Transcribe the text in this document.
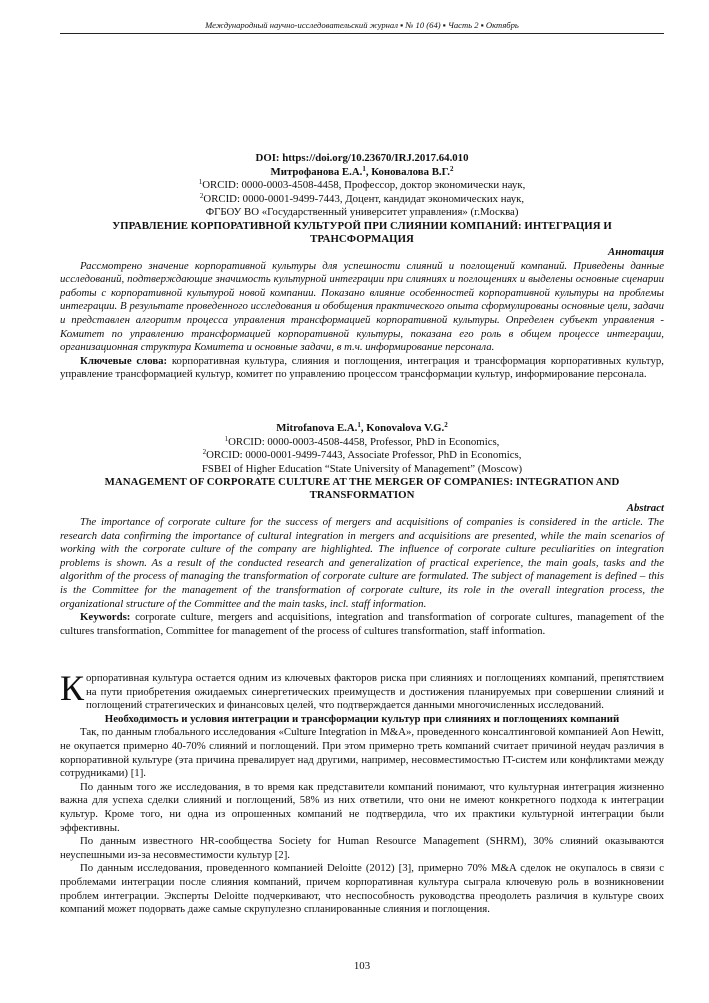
Международный научно-исследовательский журнал ▪ № 10 (64) ▪ Часть 2 ▪ Октябрь
DOI: https://doi.org/10.23670/IRJ.2017.64.010
Митрофанова Е.А.$^1$, Коновалова В.Г.$^2$
$^1$ORCID: 0000-0003-4508-4458, Профессор, доктор экономически наук,
$^2$ORCID: 0000-0001-9499-7443, Доцент, кандидат экономических наук,
ФГБОУ ВО «Государственный университет управления» (г.Москва)
УПРАВЛЕНИЕ КОРПОРАТИВНОЙ КУЛЬТУРОЙ ПРИ СЛИЯНИИ КОМПАНИЙ: ИНТЕГРАЦИЯ И ТРАНСФОРМАЦИЯ
Аннотация

Рассмотрено значение корпоративной культуры для успешности слияний и поглощений компаний. Приведены данные исследований, подтверждающие значимость культурной интеграции при слияниях и поглощениях и выделены основные сценарии работы с корпоративной культурой новой компании. Показано влияние особенностей корпоративной культуры на проблемы интеграции. В результате проведенного исследования и обобщения практического опыта сформулированы основные цели, задачи и представлен алгоритм процесса управления трансформацией корпоративной культуры. Определен субъект управления - Комитет по управлению трансформацией корпоративной культуры, показана его роль в общем процессе интеграции, организационная структура Комитета и основные задачи, в т.ч. информирование персонала.

Ключевые слова: корпоративная культура, слияния и поглощения, интеграция и трансформация корпоративных культур, управление трансформацией культур, комитет по управлению процессом трансформации культур, информирование персонала.

Mitrofanova E.A.$^1$, Konovalova V.G.$^2$
$^1$ORCID: 0000-0003-4508-4458, Professor, PhD in Economics,
$^2$ORCID: 0000-0001-9499-7443, Associate Professor, PhD in Economics,
FSBEI of Higher Education “State University of Management” (Moscow)
MANAGEMENT OF CORPORATE CULTURE AT THE MERGER OF COMPANIES: INTEGRATION AND TRANSFORMATION
Abstract

The importance of corporate culture for the success of mergers and acquisitions of companies is considered in the article. The research data confirming the importance of cultural integration in mergers and acquisitions are presented, while the main scenarios of working with the corporate culture of the company are highlighted. The influence of corporate culture peculiarities on integration problems is shown. As a result of the conducted research and generalization of practical experience, the main goals, tasks and the algorithm of the process of managing the transformation of corporate culture are formulated. The subject of management is defined – this is the Committee for the management of the transformation of corporate culture, its role in the overall integration process, the organizational structure of the Committee and the main tasks, incl. staff information.

Keywords: corporate culture, mergers and acquisitions, integration and transformation of corporate cultures, management of the cultures transformation, Committee for management of the process of cultures transformation, staff information.

Корпоративная культура остается одним из ключевых факторов риска при слияниях и поглощениях компаний, препятствием на пути приобретения ожидаемых синергетических преимуществ и достижения планируемых при совершении слияний и поглощений стратегических и финансовых целей, что подтверждается данными многочисленных исследований.

Необходимость и условия интеграции и трансформации культур при слияниях и поглощениях компаний

Так, по данным глобального исследования «Culture Integration in M&A», проведенного консалтинговой компанией Aon Hewitt, не окупается примерно 40-70% слияний и поглощений. При этом примерно треть компаний считает причиной неудач различия в корпоративной культуре (эта причина превалирует над другими, например, несовместимостью IT-систем или конфликтами между сотрудниками) [1].

По данным того же исследования, в то время как представители компаний понимают, что культурная интеграция жизненно важна для успеха сделки слияний и поглощений, 58% из них ответили, что они не имеют конкретного подхода к интеграции культур. Кроме того, ни одна из опрошенных компаний не подтвердила, что их практики культурной интеграции были эффективны.

По данным известного HR-сообщества Society for Human Resource Management (SHRM), 30% слияний оказываются неуспешными из-за несовместимости культур [2].

По данным исследования, проведенного компанией Deloitte (2012) [3], примерно 70% M&A сделок не окупалось в связи с проблемами интеграции после слияния компаний, причем корпоративная культура сыграла ключевую роль в возникновении проблем интеграции. Эксперты Deloitte подчеркивают, что неспособность руководства преодолеть различия в культуре своих компаний может подорвать даже самые скрупулезно спланированные слияния и поглощения.

103
